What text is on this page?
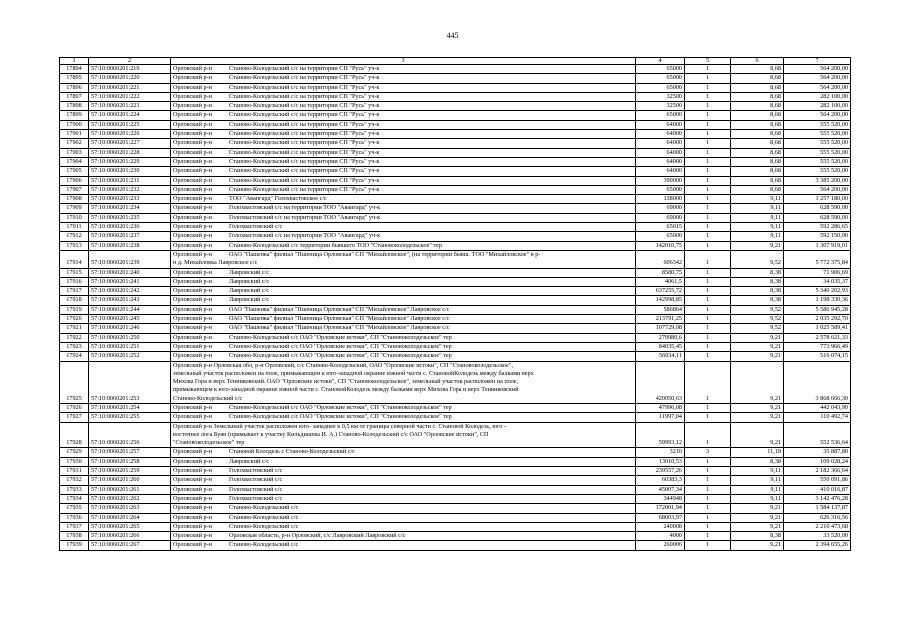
445
1	2	3	4	5	6	7
17894	57:10:0060201:219	Орловский р-н Станово-Колодезьский с/с на территории СП "Русь" уч-к	65000	1	8,68	564 200,00
17895	57:10:0060201:220	Орловский р-н Станово-Колодезьский с/с на территории СП "Русь" уч-к	65000	1	8,68	564 200,00
17896	57:10:0060201:221	Орловский р-н Станово-Колодезьский с/с на территории СП "Русь" уч-к	65000	1	8,68	564 200,00
17897	57:10:0060201:222	Орловский р-н Станово-Колодезьский с/с на территории СП "Русь" уч-к	32500	1	8,68	282 100,00
17898	57:10:0060201:223	Орловский р-н Станово-Колодезьский с/с на территории СП "Русь" уч-к	32500	1	8,68	282 100,00
17899	57:10:0060201:224	Орловский р-н Станово-Колодезьский с/с на территории СП "Русь" уч-к	65000	1	8,68	564 200,00
17900	57:10:0060201:225	Орловский р-н Станово-Колодезьский с/с на территории СП "Русь" уч-к	64000	1	8,68	555 520,00
17901	57:10:0060201:226	Орловский р-н Станово-Колодезьский с/с на территории СП "Русь" уч-к	64000	1	8,68	555 520,00
17902	57:10:0060201:227	Орловский р-н Станово-Колодезьский с/с на территории СП "Русь" уч-к	64000	1	8,68	555 520,00
17903	57:10:0060201:228	Орловский р-н Станово-Колодезьский с/с на территории СП "Русь" уч-к	64000	1	8,68	555 520,00
17904	57:10:0060201:229	Орловский р-н Станово-Колодезьский с/с на территории СП "Русь" уч-к	64000	1	8,68	555 520,00
17905	57:10:0060201:230	Орловский р-н Станово-Колодезьский с/с на территории СП "Русь" уч-к	64000	1	8,68	555 520,00
17906	57:10:0060201:231	Орловский р-н Станово-Колодезьский с/с на территории СП "Русь" уч-к	390000	1	8,68	3 385 200,00
17907	57:10:0060201:232	Орловский р-н Станово-Колодезьский с/с на территории СП "Русь" уч-к	65000	1	8,68	564 200,00
17908	57:10:0060201:233	Орловский р-н ТОО "Авангард" Голохвастовское с/с	138000	1	9,11	1 257 180,00
17909	57:10:0060201:234	Орловский р-н Голохвастовский с/с на территории ТОО "Авангард" уч-к	69000	1	9,11	628 590,00
17910	57:10:0060201:235	Орловский р-н Голохвастовский с/с на территории ТОО "Авангард" уч-к	69000	1	9,11	628 590,00
17911	57:10:0060201:236	Орловский р-н Голохвастовский с/с	65015	1	9,11	592 286,65
17912	57:10:0060201:237	Орловский р-н Голохвастовский с/с на территории ТОО "Авангард" уч-к	65000	1	9,11	592 150,00
17913	57:10:0060201:238	Орловский р-н Станово-Колодезьский с/с территории бывшего ТОО "Становоколодезьское" тер	142010,75	1	9,21	1 307 919,01
17914	57:10:0060201:239	Орловский р-н ОАО "Пашенка" филиал "Пшеница Орловская" СП "Михайловское", (на территории бывш. ТОО "Михайловское" в р-
н д. Михайловка Лавровское с/с	606342	1	9,52	5 772 375,84
17915	57:10:0060201:240	Орловский р-н Лавровский с/с	8580,75	1	8,38	71 906,69
17916	57:10:0060201:241	Орловский р-н Лавровский с/с	4061,5	1	8,38	34 035,37
17917	57:10:0060201:242	Орловский р-н Лавровский с/с	637255,72	1	8,38	5 340 202,93
17918	57:10:0060201:243	Орловский р-н Лавровский с/с	142998,85	1	8,38	1 198 330,36
17919	57:10:0060201:244	Орловский р-н ОАО "Пашенка" филиал "Пшеница Орловская" СП "Михайловское" Лавровское с/с	586864	1	9,52	5 586 945,28
17920	57:10:0060201:245	Орловский р-н ОАО "Пашенка" филиал "Пшеница Орловская" СП "Михайловское" Лавровское с/с	213791,25	1	9,52	2 035 292,70
17921	57:10:0060201:246	Орловский р-н ОАО "Пашенка" филиал "Пшеница Орловская" СП "Михайловское" Лавровское с/с	107729,98	1	9,52	1 025 589,41
17922	57:10:0060201:250	Орловский р-н Станово-Колодезьский с/с ОАО "Орловские истоки", СП "Становоколодезьское" тер	279980,6	1	9,21	2 578 621,33
17923	57:10:0060201:251	Орловский р-н Станово-Колодезьский с/с ОАО "Орловские истоки", СП "Становоколодезьское" тер	84035,45	1	9,21	773 966,49
17924	57:10:0060201:252	Орловский р-н Станово-Колодезьский с/с ОАО "Орловские истоки", СП "Становоколодезьское" тер	56034,11	1	9,21	516 074,15
17925	57:10:0060201:253	Орловский р-н Орловская обл, р-н Орловский, с/с Станово-Колодезьский, ОАО "Орловские истоки", СП "Становоколодезьское",
земельный участок расположен на поле, примыкающем к юго-западной окраине южной части с. СтановойКолодезь между балками верх
Михова Гора и верх Тенинковский. ОАО "Орловские истоки", СП "Становоколодезьское", земельный участок расположен на поле,
примыкающем к юго-западной окраине южной части с. СтановойКолодезь между балками верх Михова Гора и верх Тенинковский
Станово-Колодезьский с/с	420050,63	1	9,21	3 868 666,30
17926	57:10:0060201:254	Орловский р-н Станово-Колодезьский с/с ОАО "Орловские истоки", СП "Становоколодезьское" тер	47996,08	1	9,21	442 043,90
17927	57:10:0060201:255	Орловский р-н Станово-Колодезьский с/с ОАО "Орловские истоки", СП "Становоколодезьское" тер	11997,04	1	9,21	110 492,74
17928	57:10:0060201:256	Орловский р-н Земельный участок расположен юго- западнее в 0,5 км от границы северной части с. Становой Колодезь, юго -
восточнее лога Буян (примыкает к участку Кильдишева И. А.) Станово-Колодезьский с/с ОАО "Орловские истоки", СП
"Становоколодезьское" тер	59993,12	1	9,21	552 536,64
17929	57:10:0060201:257	Орловский р-н Становой Колодезь с Станово-Колодезьский с/с	3210	3	11,18	35 887,80
17930	57:10:0060201:258	Орловский р-н Лавровский с/с	13010,53	1	8,38	109 028,24
17931	57:10:0060201:259	Орловский р-н Голохвастовский с/с	239557,26	1	9,11	2 182 366,64
17932	57:10:0060201:260	Орловский р-н Голохвастовский с/с	60383,3	1	9,11	550 091,86
17933	57:10:0060201:261	Орловский р-н Голохвастовский с/с	45007,34	1	9,11	410 016,87
17934	57:10:0060201:262	Орловский р-н Голохвастовский с/с	344948	1	9,11	3 142 476,28
17935	57:10:0060201:263	Орловский р-н Станово-Колодезьский с/с	172001,94	1	9,21	1 584 137,87
17936	57:10:0060201:264	Орловский р-н Станово-Колодезьский с/с	68003,97	1	9,21	626 316,56
17937	57:10:0060201:265	Орловский р-н Станово-Колодезьский с/с	240008	1	9,21	2 210 473,68
17938	57:10:0060201:266	Орловский р-н Орловская область, р-н Орловский, с/с Лавровский Лавровский с/с	4000	1	8,38	33 520,00
17939	57:10:0060201:267	Орловский р-н Станово-Колодезьский с/с	260006	1	9,21	2 394 655,26
